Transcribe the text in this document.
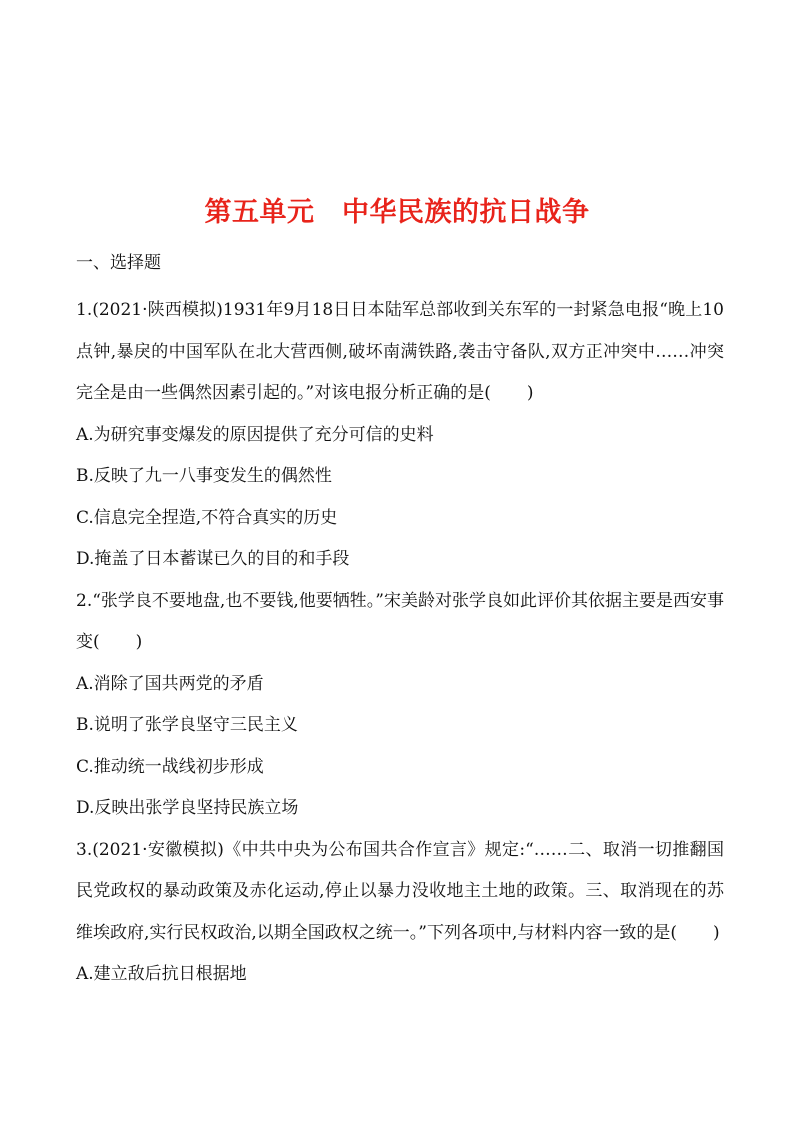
第五单元　中华民族的抗日战争
一、选择题

1.(2021·陕西模拟)1931年9月18日日本陆军总部收到关东军的一封紧急电报“晚上10点钟,暴戾的中国军队在北大营西侧,破坏南满铁路,袭击守备队,双方正冲突中……冲突完全是由一些偶然因素引起的。”对该电报分析正确的是( )

A.为研究事变爆发的原因提供了充分可信的史料

B.反映了九一八事变发生的偶然性

C.信息完全捏造,不符合真实的历史

D.掩盖了日本蓄谋已久的目的和手段

2.“张学良不要地盘,也不要钱,他要牺牲。”宋美龄对张学良如此评价其依据主要是西安事变( )

A.消除了国共两党的矛盾

B.说明了张学良坚守三民主义

C.推动统一战线初步形成

D.反映出张学良坚持民族立场

3.(2021·安徽模拟)《中共中央为公布国共合作宣言》规定:“……二、取消一切推翻国民党政权的暴动政策及赤化运动,停止以暴力没收地主土地的政策。三、取消现在的苏维埃政府,实行民权政治,以期全国政权之统一。”下列各项中,与材料内容一致的是( )

A.建立敌后抗日根据地
